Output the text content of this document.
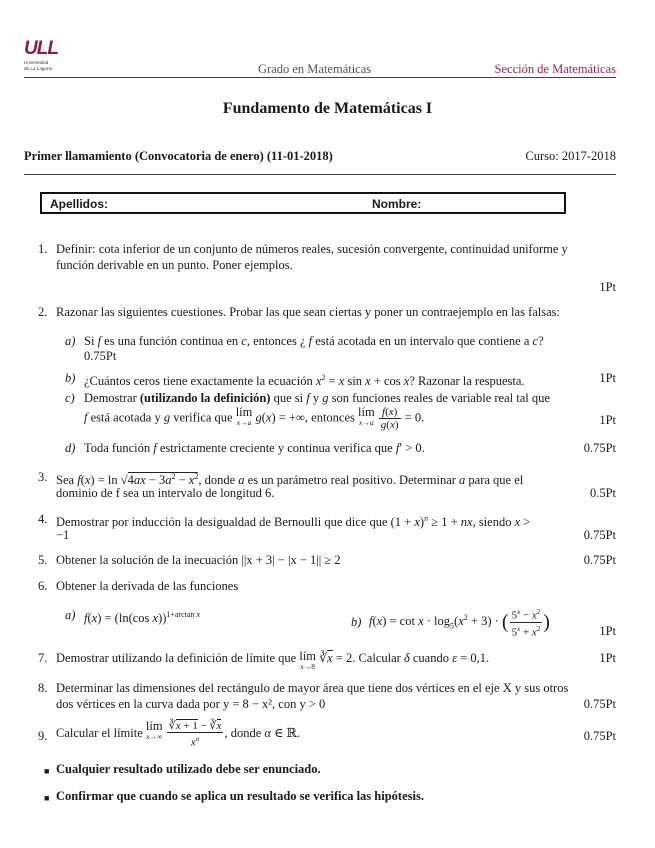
ULL
Universidad
de La Laguna	Grado en Matemáticas	Sección de Matemáticas
Fundamento de Matemáticas I
Primer llamamiento (Convocatoria de enero) (11-01-2018)	Curso: 2017-2018
Apellidos:	Nombre:
1. Definir: cota inferior de un conjunto de números reales, sucesión convergente, continuidad uniforme y
función derivable en un punto. Poner ejemplos.
1Pt
2. Razonar las siguientes cuestiones. Probar las que sean ciertas y poner un contraejemplo en las falsas:
a) Si f es una función continua en c, entonces ¿ f está acotada en un intervalo que contiene a c?
0.75Pt
b) ¿Cuántos ceros tiene exactamente la ecuación $x^2 = x$ sin x + cos x? Razonar la respuesta.	1Pt
c) Demostrar (utilizando la definición) que si f y g son funciones reales de variable real tal que
f está acotada y g verifica que lím
x→a g(x) = +∞, entonces lím
x→a
$\frac{f(x)}{g(x)} = 0$.	1Pt
d) Toda función f estrictamente creciente y continua verifica que f′ > 0.	0.75Pt
3. Sea $f(x) = \ln √4ax - 3a^2 - x^2$, donde a es un parámetro real positivo. Determinar a para que el
dominio de f sea un intervalo de longitud 6.	0.5Pt
4. Demostrar por inducción la desigualdad de Bernoulli que dice que $(1 + x)^n \ge 1$ + nx, siendo x >
−1	0.75Pt
5. Obtener la solución de la inecuación ||x + 3| − |x − 1|| ≥ 2	0.75Pt
6. Obtener la derivada de las funciones
a) f(x) = (ln(cos x))$^{1+arctan x}$
b) $f(x) = \cot x \cdot \log_5(x^2 + 3)$ · ( $\frac{5^x - x^2}{5^x + x^2}$ )	1Pt
7. Demostrar utilizando la definición de límite que lím
x→8
∛x = 2. Calcular δ cuando ε = 0,1.	1Pt
8. Determinar las dimensiones del rectángulo de mayor área que tiene dos vértices en el eje X y sus otros
dos vértices en la curva dada por y = 8 − x², con y > 0	0.75Pt
9. Calcular el límite lím
x→∞
$\frac{∛x + 1 - ∛x}{x^\alpha}$ , donde α ∈ ℝ.	0.75Pt
■ Cualquier resultado utilizado debe ser enunciado.
■ Confirmar que cuando se aplica un resultado se verifica las hipótesis.
